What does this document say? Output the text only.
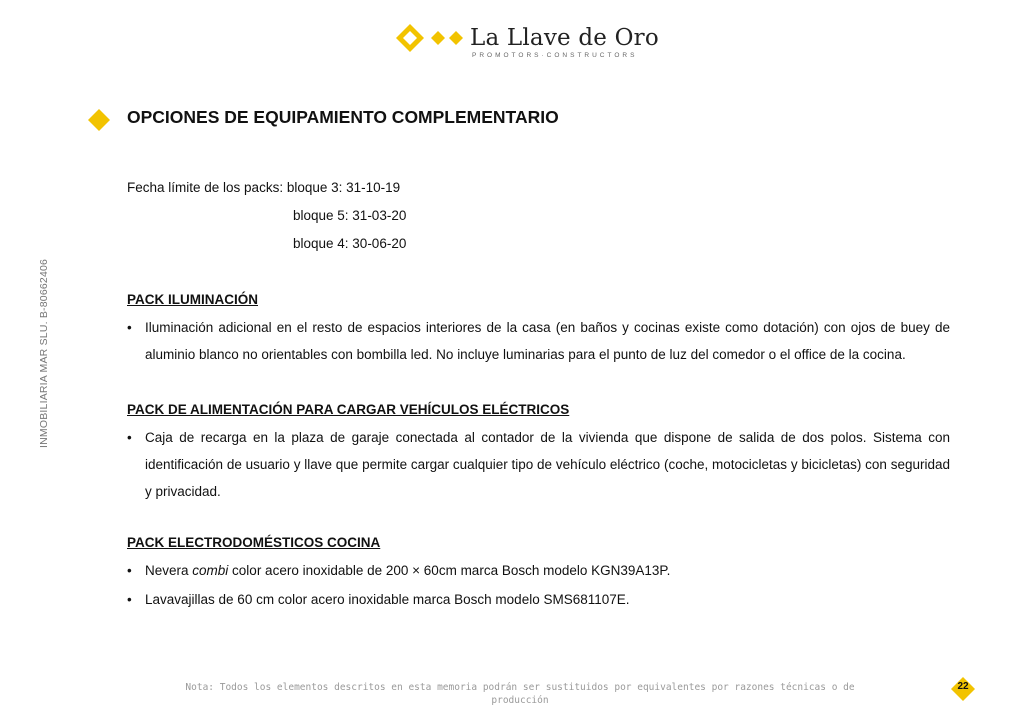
La Llave de Oro
PROMOTORS·CONSTRUCTORS
INMOBILIARIA MAR SLU. B-80662406
OPCIONES DE EQUIPAMIENTO COMPLEMENTARIO

Fecha límite de los packs: bloque 3: 31-10-19

bloque 5: 31-03-20

bloque 4: 30-06-20

PACK ILUMINACIÓN

• Iluminación adicional en el resto de espacios interiores de la casa (en baños y cocinas existe como dotación) con ojos de buey de aluminio blanco no orientables con bombilla led. No incluye luminarias para el punto de luz del comedor o el office de la cocina.

PACK DE ALIMENTACIÓN PARA CARGAR VEHÍCULOS ELÉCTRICOS

• Caja de recarga en la plaza de garaje conectada al contador de la vivienda que dispone de salida de dos polos. Sistema con identificación de usuario y llave que permite cargar cualquier tipo de vehículo eléctrico (coche, motocicletas y bicicletas) con seguridad y privacidad.

PACK ELECTRODOMÉSTICOS COCINA

• Nevera combi color acero inoxidable de 200 × 60cm marca Bosch modelo KGN39A13P.

• Lavavajillas de 60 cm color acero inoxidable marca Bosch modelo SMS681107E.

Nota: Todos los elementos descritos en esta memoria podrán ser sustituidos por equivalentes por razones técnicas o de producción
22
